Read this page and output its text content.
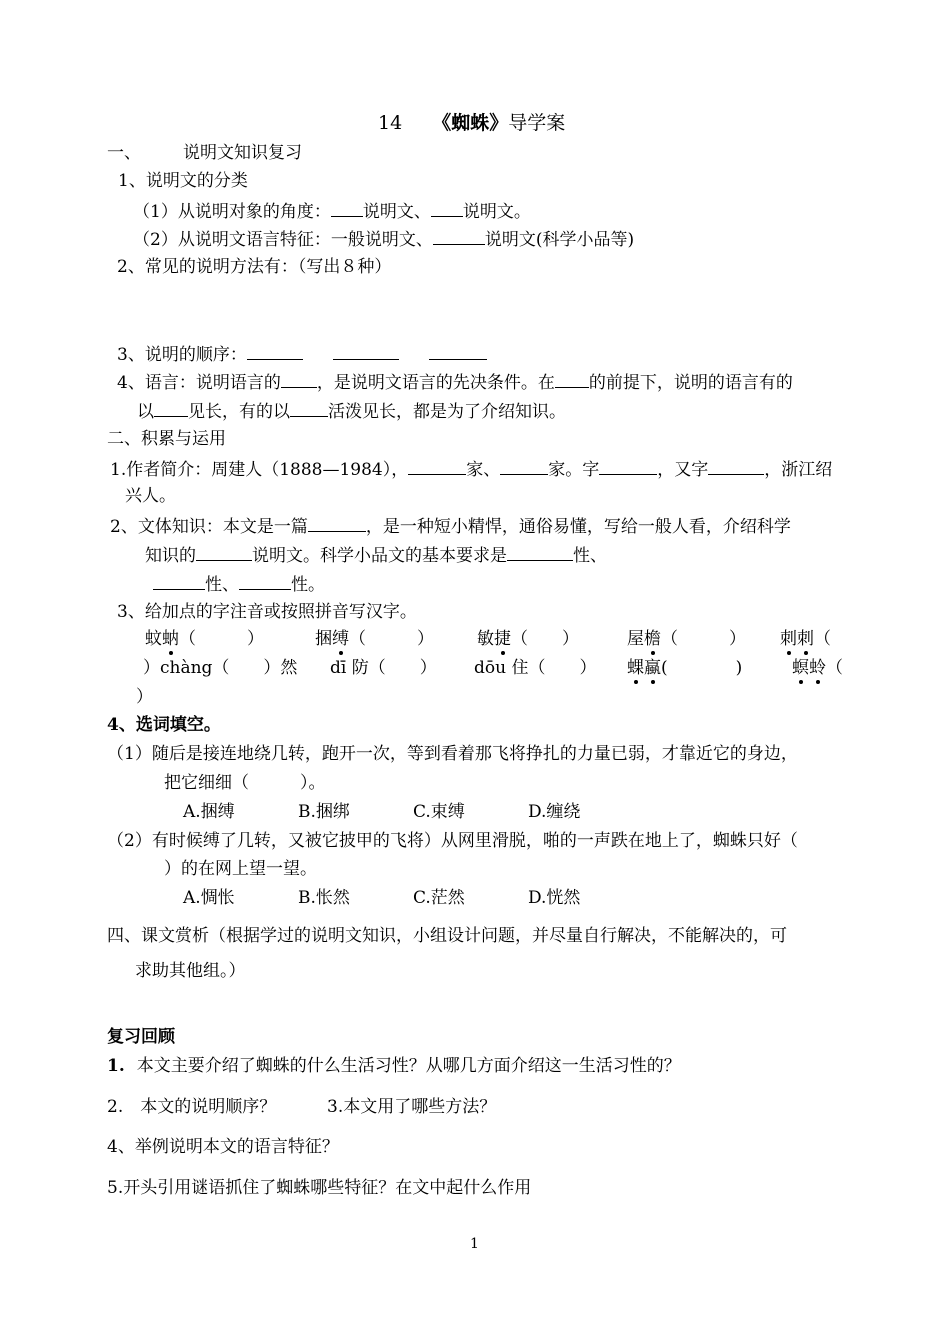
14 《蜘蛛》导学案
一、 说明文知识复习
1、说明文的分类
（1）从说明对象的角度： 说明文、 说明文。
（2）从说明文语言特征：一般说明文、	说明文(科学小品等)
2、常见的说明方法有：（写出８种）
3、说明的顺序：
4、语言：说明语言的 ，是说明文语言的先决条件。在 的前提下，说明的语言有的
以 见长，有的以 活泼见长，都是为了介绍知识。
二、积累与运用
1.作者简介：周建人（1888—1984），	家、	家。字	，又字	，浙江绍
兴人。
2、文体知识：本文是一篇	，是一种短小精悍，通俗易懂，写给一般人看，介绍科学
知识的	说明文。科学小品文的基本要求是	性、
性、	性。
3、给加点的字注音或按照拼音写汉字。
蚊蚋（　　　）	捆缚（　　　）	敏捷（　　）	屋檐（　　　） 刺刺（
）chàng（　　）然 dī 防（　　） dōu 住（　　） 蜾蠃(　　　　)	螟蛉（
）
4、选词填空。
（1）随后是接连地绕几转，跑开一次，等到看着那飞将挣扎的力量已弱，才靠近它的身边，
把它细细（　　　）。
A.捆缚	B.捆绑	C.束缚	D.缠绕
（2）有时候缚了几转，又被它披甲的飞将）从网里滑脱，啪的一声跌在地上了，蜘蛛只好（
）的在网上望一望。
A.惆怅	B.怅然	C.茫然	D.恍然
四、课文赏析（根据学过的说明文知识，小组设计问题，并尽量自行解决，不能解决的，可
求助其他组。）
复习回顾
1. 本文主要介绍了蜘蛛的什么生活习性？从哪几方面介绍这一生活习性的？
2.　本文的说明顺序？	3.本文用了哪些方法？
4、举例说明本文的语言特征？
5.开头引用谜语抓住了蜘蛛哪些特征？在文中起什么作用
1
